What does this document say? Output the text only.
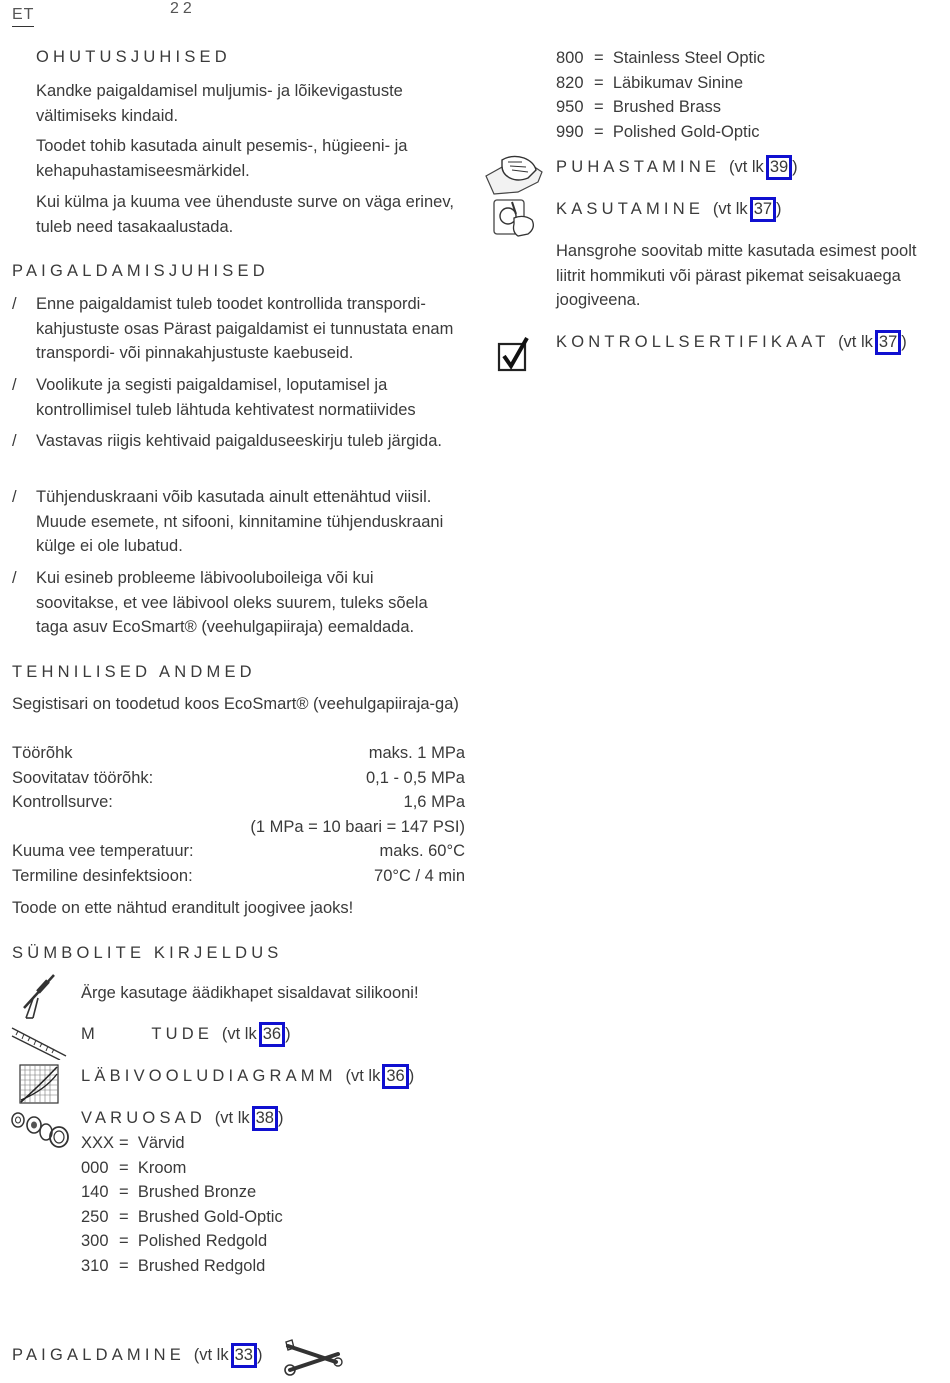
ET	22
OHUTUSJUHISED
Kandke paigaldamisel muljumis- ja lõikevigastuste vältimiseks kindaid.
Toodet tohib kasutada ainult pesemis-, hügieeni- ja kehapuhastamiseesmärkidel.
Kui külma ja kuuma vee ühenduste surve on väga erinev, tuleb need tasakaalustada.
PAIGALDAMISJUHISED
/ Enne paigaldamist tuleb toodet kontrollida transpordi-kahjustuste osas Pärast paigaldamist ei tunnustata enam transpordi- või pinnakahjustuste kaebuseid.
/ Voolikute ja segisti paigaldamisel, loputamisel ja kontrollimisel tuleb lähtuda kehtivatest normatiivides
/ Vastavas riigis kehtivaid paigalduseeskirju tuleb järgida.
/ Tühjenduskraani võib kasutada ainult ettenähtud viisil. Muude esemete, nt sifooni, kinnitamine tühjenduskraani külge ei ole lubatud.
/ Kui esineb probleeme läbivooluboileiga või kui soovitakse, et vee läbivool oleks suurem, tuleks sõela taga asuv EcoSmart® (veehulgapiiraja) eemaldada.
TEHNILISED ANDMED
Segistisari on toodetud koos EcoSmart® (veehulgapiiraja-ga)
Töörõhk	maks. 1 MPa
Soovitatav töörõhk:	0,1 - 0,5 MPa
Kontrollsurve:	1,6 MPa
(1 MPa = 10 baari = 147 PSI)
Kuuma vee temperatuur:	maks. 60°C
Termiline desinfektsioon:	70°C / 4 min
Toode on ette nähtud eranditult joogivee jaoks!
SÜMBOLITE KIRJELDUS
Ärge kasutage äädikhapet sisaldavat silikooni!
M      TUDE (vt lk 36 )
LÄBIVOOLUDIAGRAMM (vt lk 36 )
VARUOSAD (vt lk 38 )
XXX = Värvid
000 = Kroom
140 = Brushed Bronze
250 = Brushed Gold-Optic
300 = Polished Redgold
310 = Brushed Redgold
PAIGALDAMINE (vt lk 33 )
800 = Stainless Steel Optic
820 = Läbikumav Sinine
950 = Brushed Brass
990 = Polished Gold-Optic
PUHASTAMINE (vt lk 39 )
KASUTAMINE (vt lk 37 )
Hansgrohe soovitab mitte kasutada esimest poolt liitrit hommikuti või pärast pikemat seisakuaega joogiveena.
KONTROLLSERTIFIKAAT (vt lk 37 )
